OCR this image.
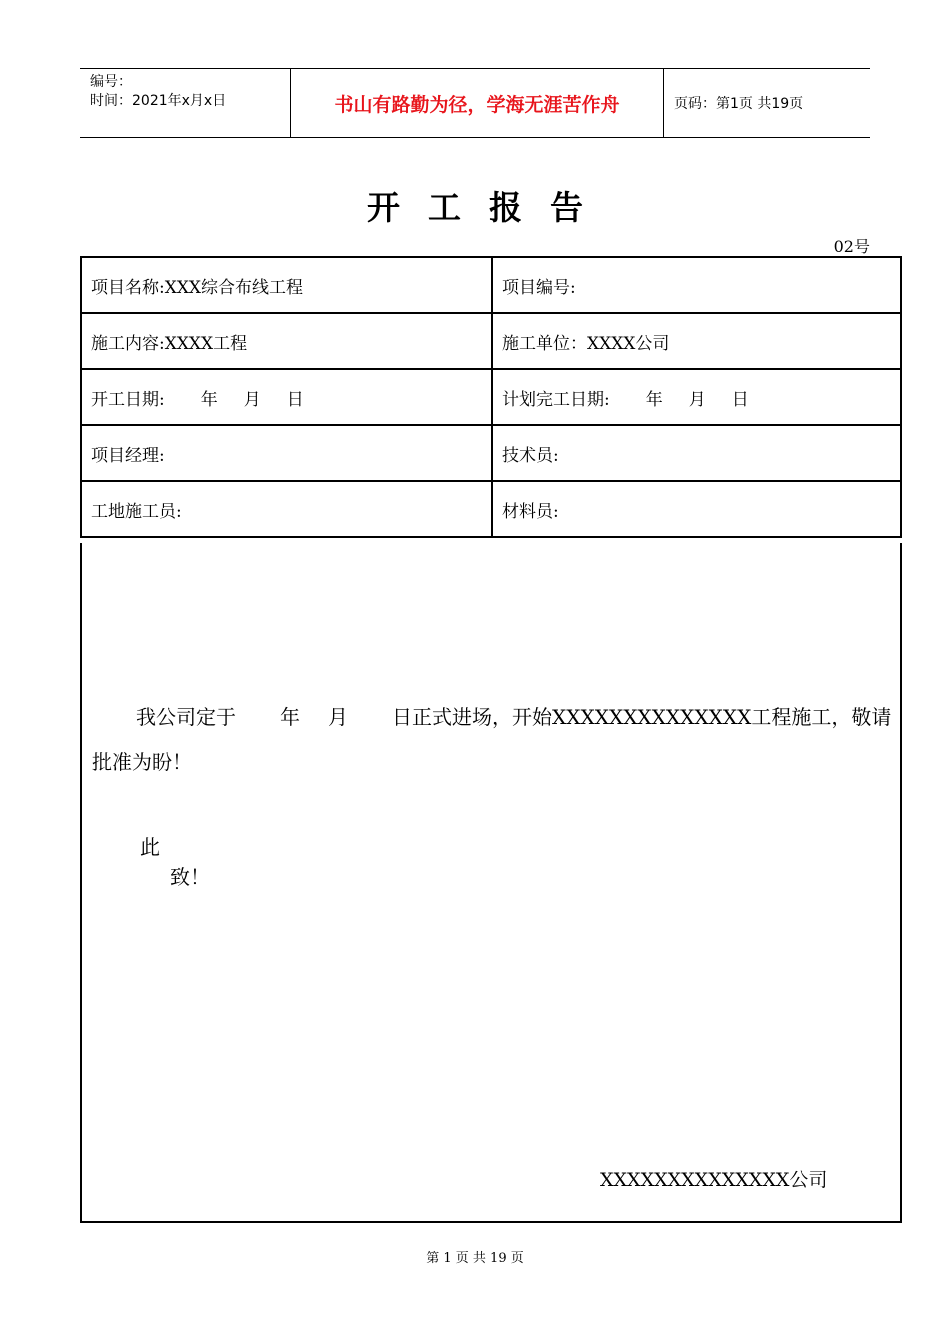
编号：
时间：2021年x月x日	书山有路勤为径，学海无涯苦作舟	页码：第1页 共19页
开工报告
02号
项目名称:XXX综合布线工程	项目编号:
施工内容:XXXX工程	施工单位：XXXX公司
开工日期: 年 月 日	计划完工日期: 年 月 日
项目经理:	技术员:
工地施工员:	材料员:
我公司定于 年 月 日正式进场，开始XXXXXXXXXXXXXX工程施工，敬请批准为盼！
此
致！
XXXXXXXXXXXXXX公司
第 1 页 共 19 页
